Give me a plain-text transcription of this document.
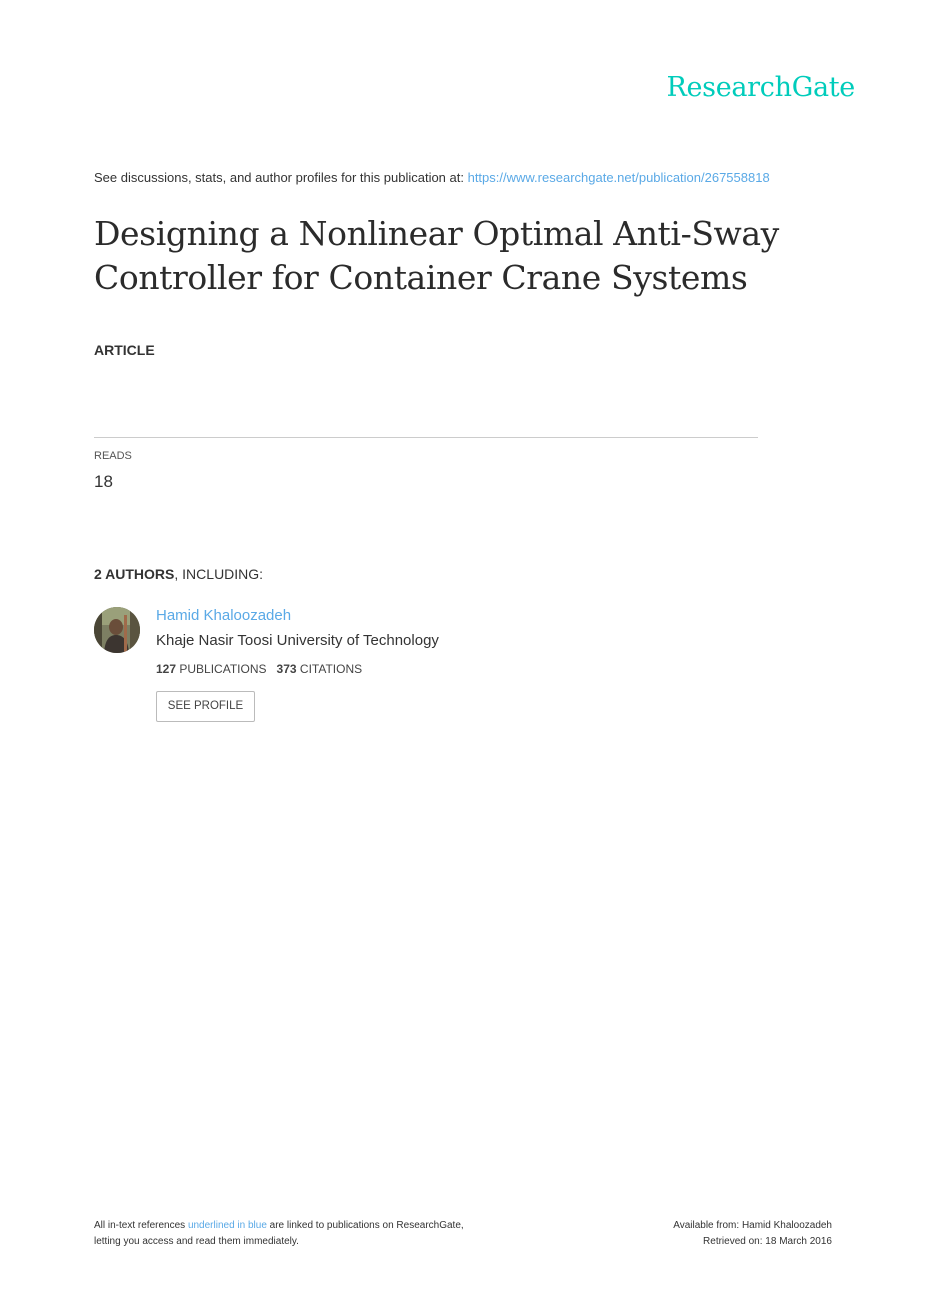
ResearchGate
See discussions, stats, and author profiles for this publication at: https://www.researchgate.net/publication/267558818
Designing a Nonlinear Optimal Anti-Sway
Controller for Container Crane Systems
ARTICLE
READS
18
2 AUTHORS, INCLUDING:
Hamid Khaloozadeh
Khaje Nasir Toosi University of Technology
127 PUBLICATIONS 373 CITATIONS
SEE PROFILE
All in-text references underlined in blue are linked to publications on ResearchGate,
letting you access and read them immediately.
Available from: Hamid Khaloozadeh
Retrieved on: 18 March 2016
